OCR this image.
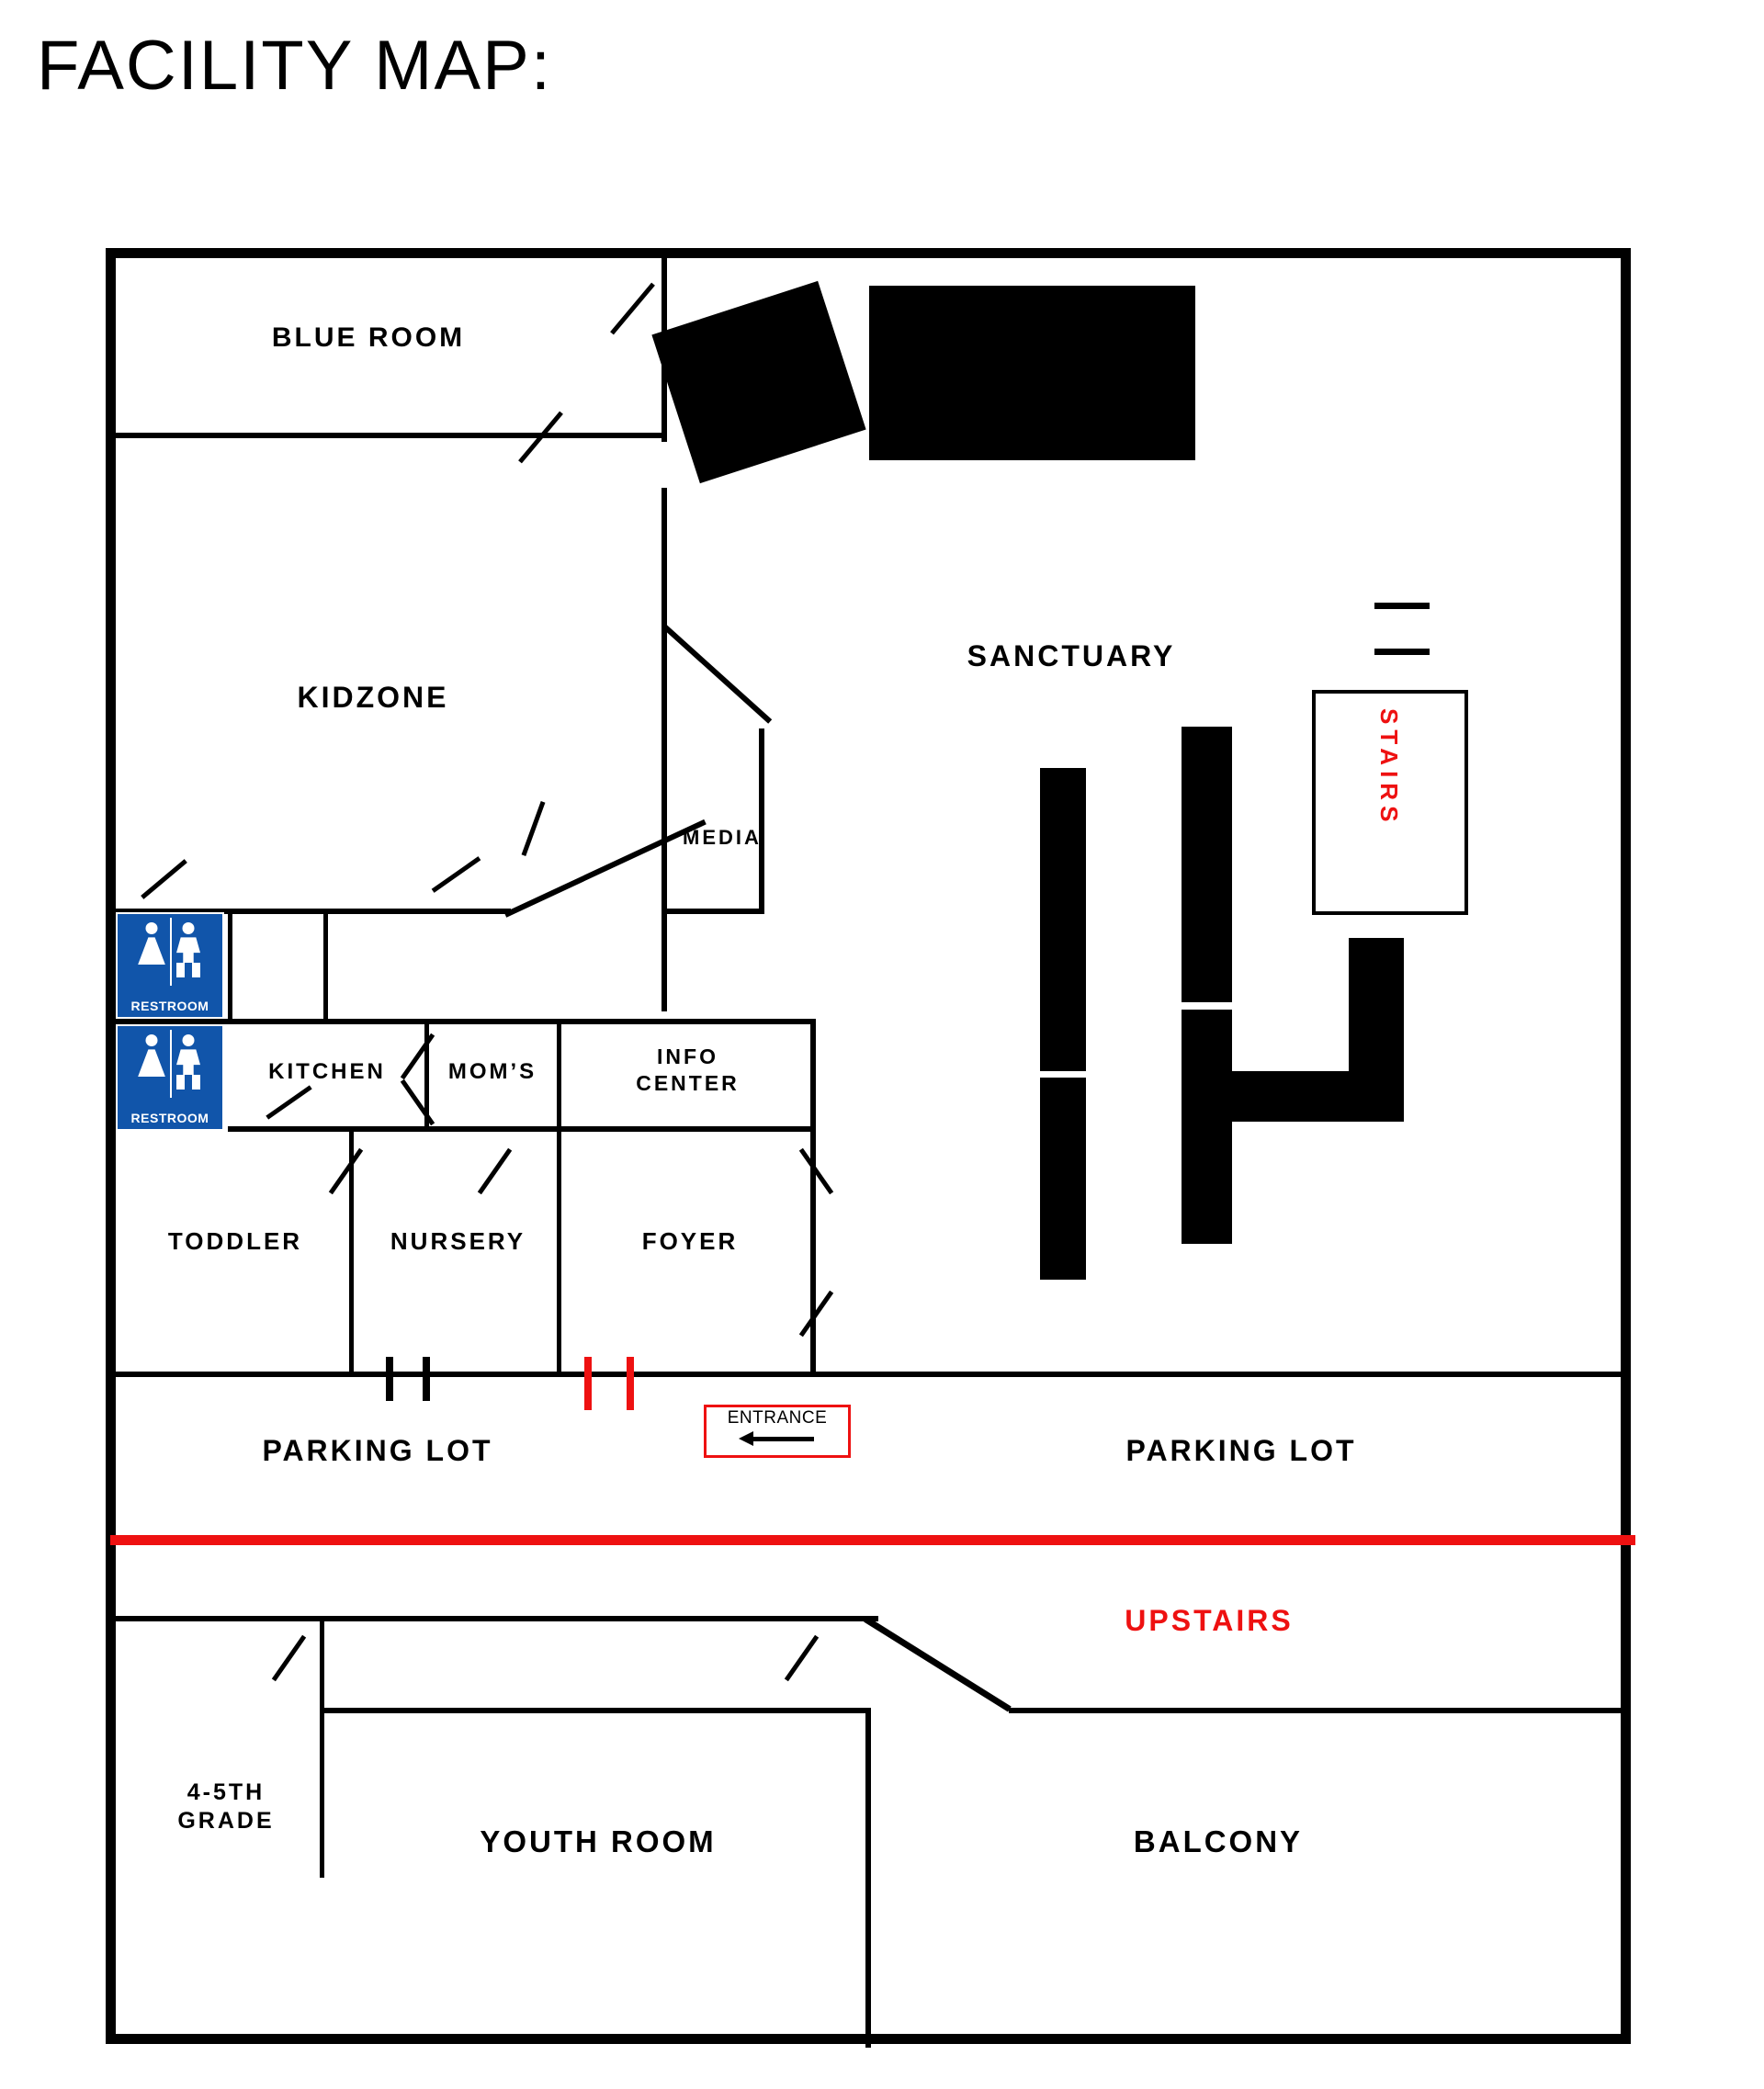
FACILITY MAP:
RESTROOM
RESTROOM
BLUE ROOM
KIDZONE
MEDIA
SANCTUARY
KITCHEN	MOM’S
INFO
CENTER
TODDLER	NURSERY	FOYER
PARKING LOT	PARKING LOT
STAIRS
UPSTAIRS
4-5TH
GRADE
YOUTH ROOM	BALCONY
ENTRANCE
